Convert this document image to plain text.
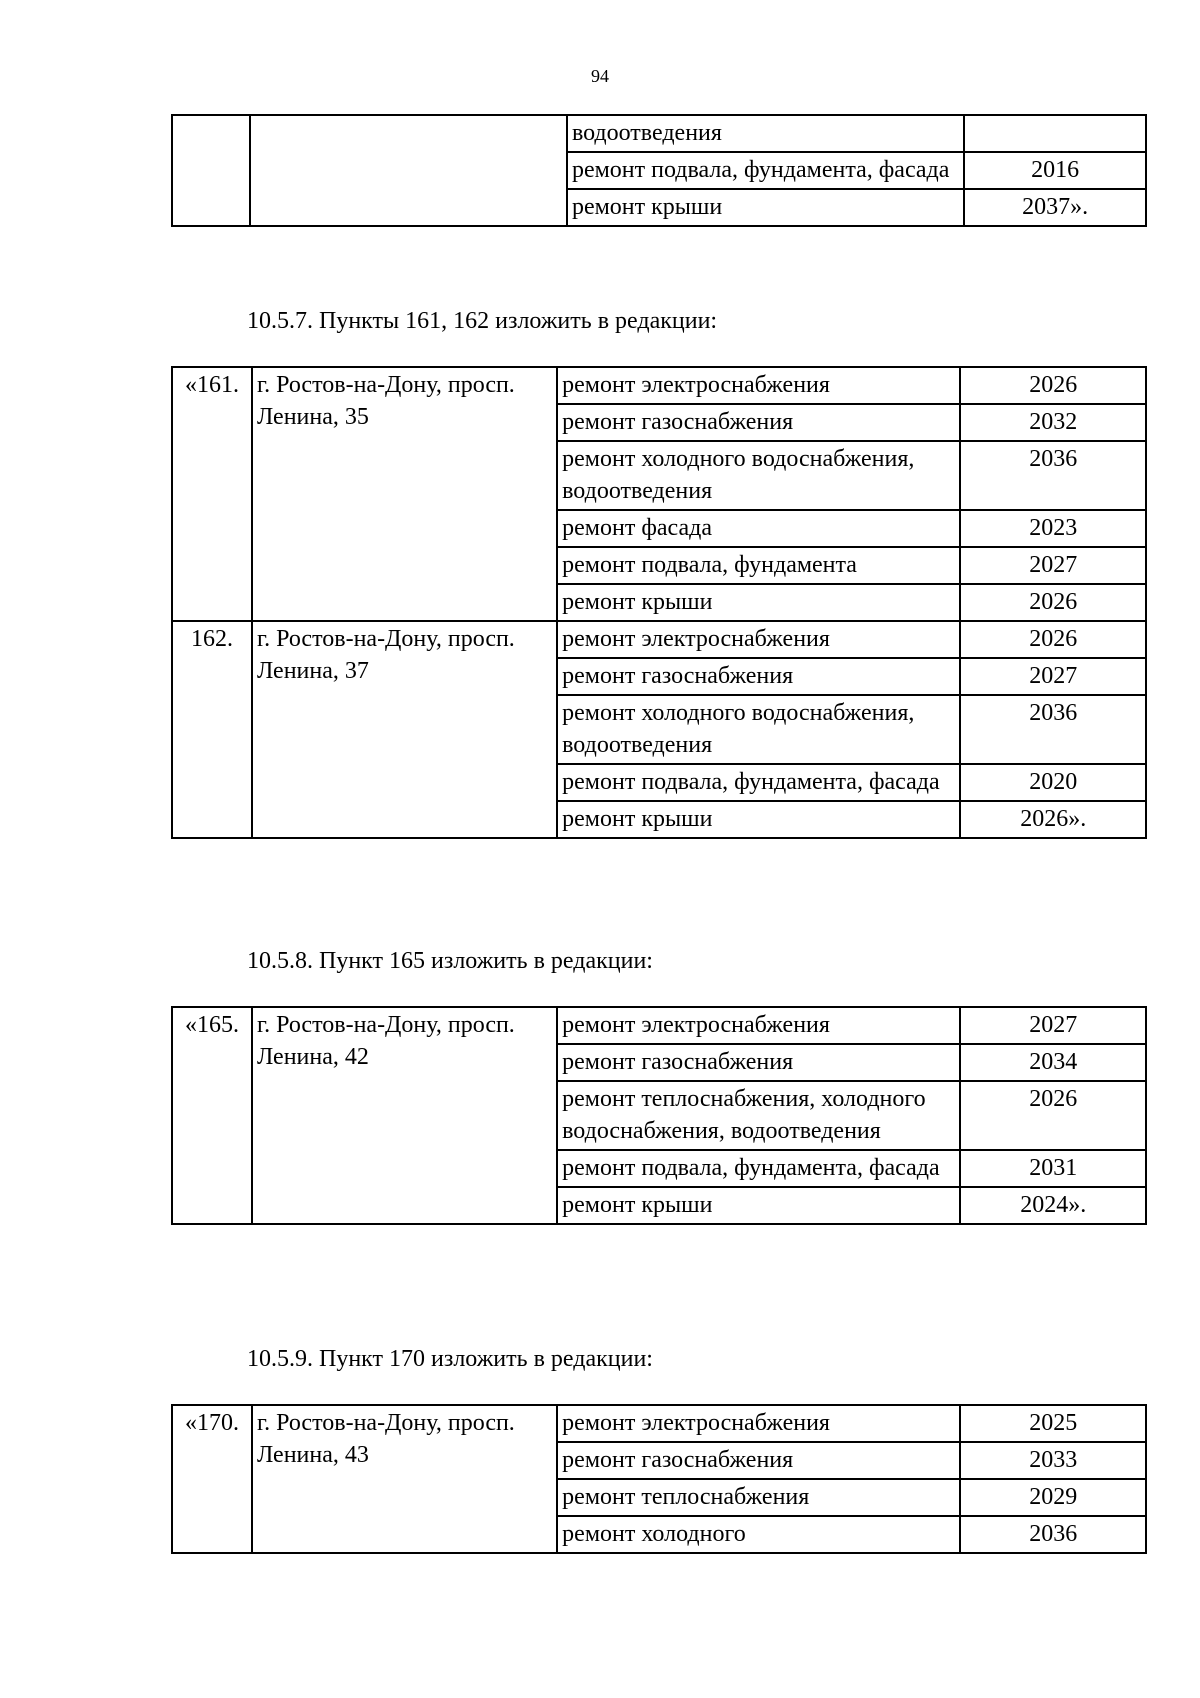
94
		водоотведения	
		ремонт подвала, фундамента, фасада	2016
		ремонт крыши	2037».
10.5.7. Пункты 161, 162 изложить в редакции:
«161.	г. Ростов-на-Дону, просп. Ленина, 35	ремонт электроснабжения	2026
		ремонт газоснабжения	2032
		ремонт холодного водоснабжения, водоотведения	2036
		ремонт фасада	2023
		ремонт подвала, фундамента	2027
		ремонт крыши	2026
162.	г. Ростов-на-Дону, просп. Ленина, 37	ремонт электроснабжения	2026
		ремонт газоснабжения	2027
		ремонт холодного водоснабжения, водоотведения	2036
		ремонт подвала, фундамента, фасада	2020
		ремонт крыши	2026».
10.5.8. Пункт 165 изложить в редакции:
«165.	г. Ростов-на-Дону, просп. Ленина, 42	ремонт электроснабжения	2027
		ремонт газоснабжения	2034
		ремонт теплоснабжения, холодного водоснабжения, водоотведения	2026
		ремонт подвала, фундамента, фасада	2031
		ремонт крыши	2024».
10.5.9. Пункт 170 изложить в редакции:
«170.	г. Ростов-на-Дону, просп. Ленина, 43	ремонт электроснабжения	2025
		ремонт газоснабжения	2033
		ремонт теплоснабжения	2029
		ремонт холодного	2036
